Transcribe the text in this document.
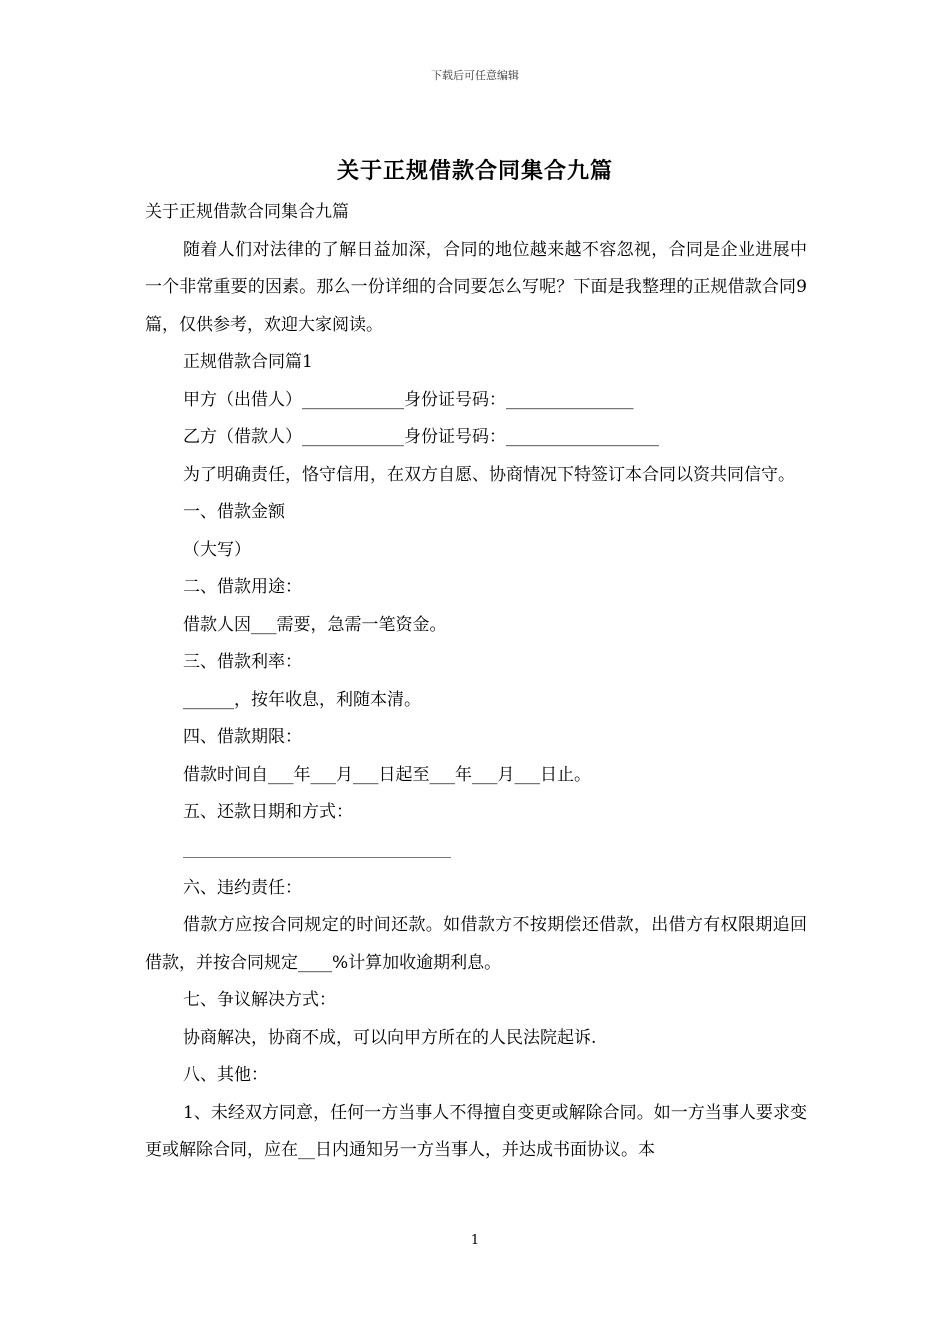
下载后可任意编辑
关于正规借款合同集合九篇

关于正规借款合同集合九篇

随着人们对法律的了解日益加深，合同的地位越来越不容忽视，合同是企业进展中一个非常重要的因素。那么一份详细的合同要怎么写呢？下面是我整理的正规借款合同9篇，仅供参考，欢迎大家阅读。

正规借款合同篇1

甲方（出借人）____________身份证号码：_______________

乙方（借款人）____________身份证号码：__________________

为了明确责任，恪守信用，在双方自愿、协商情况下特签订本合同以资共同信守。

一、借款金额

（大写）

二、借款用途：

借款人因___需要，急需一笔资金。

三、借款利率：

______，按年收息，利随本清。

四、借款期限：

借款时间自___年___月___日起至___年___月___日止。

五、还款日期和方式：

六、违约责任：

借款方应按合同规定的时间还款。如借款方不按期偿还借款，出借方有权限期追回借款，并按合同规定____%计算加收逾期利息。

七、争议解决方式：

协商解决，协商不成，可以向甲方所在的人民法院起诉.

八、其他：

1、未经双方同意，任何一方当事人不得擅自变更或解除合同。如一方当事人要求变更或解除合同，应在__日内通知另一方当事人，并达成书面协议。本

1
